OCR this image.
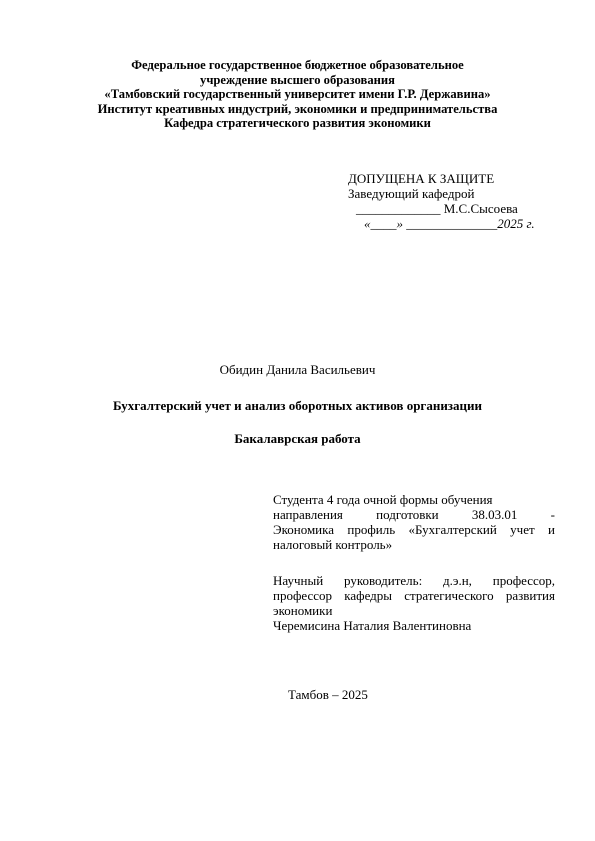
Федеральное государственное бюджетное образовательное
учреждение высшего образования
«Тамбовский государственный университет имени Г.Р. Державина»
Институт креативных индустрий, экономики и предпринимательства
Кафедра стратегического развития экономики
ДОПУЩЕНА К ЗАЩИТЕ
Заведующий кафедрой
_____________ М.С.Сысоева
«____» ______________2025 г.
Обидин Данила Васильевич
Бухгалтерский учет и анализ оборотных активов организации
Бакалаврская работа
Студента 4 года очной формы обучения
направления подготовки 38.03.01 -
Экономика профиль «Бухгалтерский учет и
налоговый контроль»
Научный руководитель: д.э.н, профессор,
профессор кафедры стратегического развития
экономики
Черемисина Наталия Валентиновна
Тамбов – 2025
